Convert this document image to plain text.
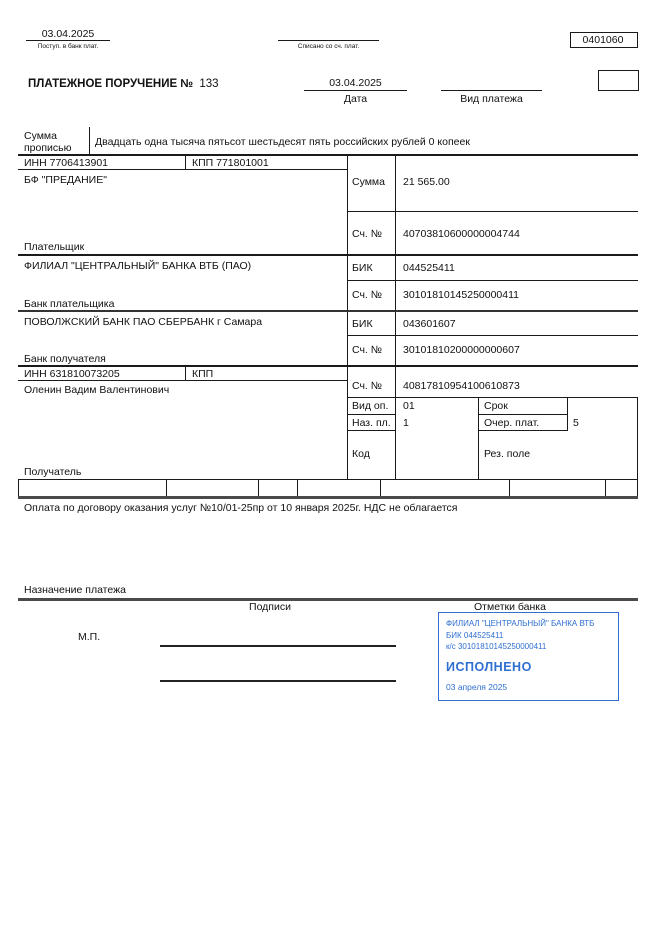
03.04.2025
Поступ. в банк плат.	Списано со сч. плат.
0401060
ПЛАТЕЖНОЕ ПОРУЧЕНИЕ № 133	03.04.2025
Дата	Вид платежа
Сумма прописью	Двадцать одна тысяча пятьсот шестьдесят пять российских рублей 0 копеек
ИНН 7706413901	КПП 771801001
БФ "ПРЕДАНИЕ"
Плательщик
Сумма 21 565.00
Сч. № 40703810600000004744
ФИЛИАЛ "ЦЕНТРАЛЬНЫЙ" БАНКА ВТБ (ПАО)	БИК	044525411
Сч. № 30101810145250000411
Банк плательщика
ПОВОЛЖСКИЙ БАНК ПАО СБЕРБАНК г Самара	БИК	043601607
Сч. № 30101810200000000607
Банк получателя
ИНН 631810073205	КПП
Оленин Вадим Валентинович
Получатель
Сч. № 40817810954100610873
Вид оп. 01	Срок
Наз. пл. 1	Очер. плат.	5
Код	Рез. поле
Оплата по договору оказания услуг №10/01-25пр от 10 января 2025г. НДС не облагается
Назначение платежа
Подписи	Отметки банка
М.П.
ФИЛИАЛ "ЦЕНТРАЛЬНЫЙ" БАНКА ВТБ
БИК 044525411
к/с 30101810145250000411
ИСПОЛНЕНО
03 апреля 2025
